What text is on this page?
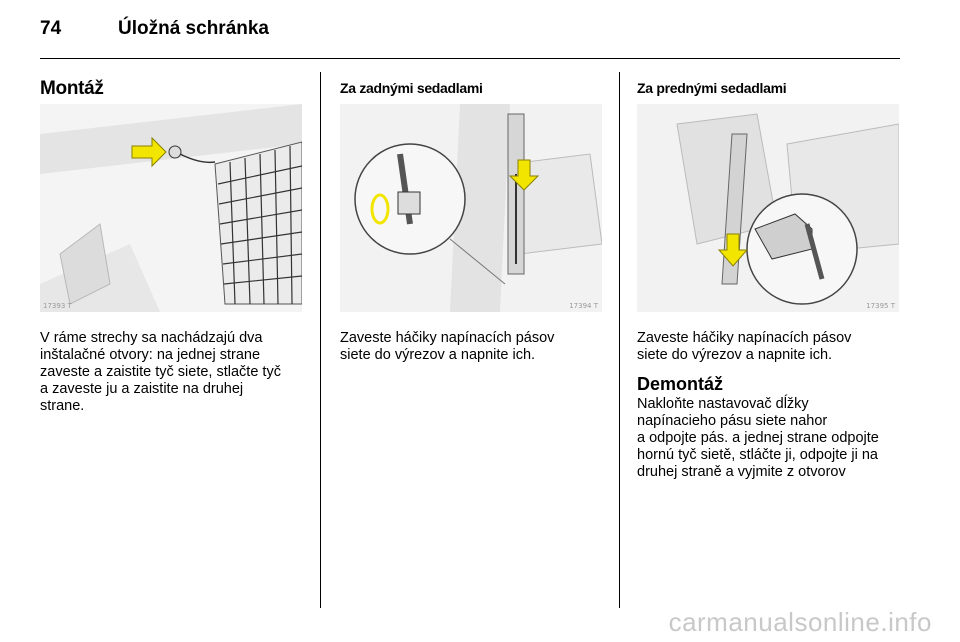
74	Úložná schránka
Montáž
17393 T
V ráme strechy sa nachádzajú dva
inštalačné otvory: na jednej strane
zaveste a zaistite tyč siete, stlačte tyč
a zaveste ju a zaistite na druhej
strane.
Za zadnými sedadlami
17394 T
Zaveste háčiky napínacích pásov
siete do výrezov a napnite ich.
Za prednými sedadlami
17395 T
Zaveste háčiky napínacích pásov
siete do výrezov a napnite ich.
Demontáž
Nakloňte nastavovač dĺžky
napínacieho pásu siete nahor
a odpojte pás. a jednej strane odpojte
hornú tyč sietě, stláčte ji, odpojte ji na
druhej straně a vyjmite z otvorov
carmanualsonline.info
